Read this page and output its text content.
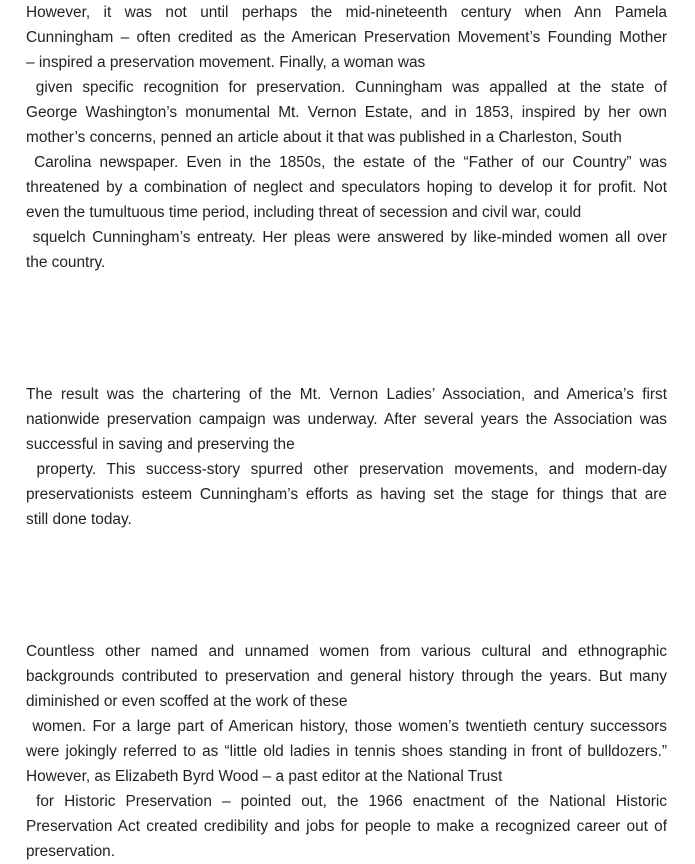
However, it was not until perhaps the mid-nineteenth century when Ann Pamela
Cunningham – often credited as the American Preservation Movement’s Founding Mother
– inspired a preservation movement. Finally, a woman was
given specific recognition for preservation. Cunningham was appalled at the state of
George Washington’s monumental Mt. Vernon Estate, and in 1853, inspired by her own
mother’s concerns, penned an article about it that was published in a Charleston, South
Carolina newspaper. Even in the 1850s, the estate of the “Father of our Country” was
threatened by a combination of neglect and speculators hoping to develop it for profit. Not
even the tumultuous time period, including threat of secession and civil war, could
squelch Cunningham’s entreaty. Her pleas were answered by like-minded women all over
the country.
The result was the chartering of the Mt. Vernon Ladies’ Association, and America’s first
nationwide preservation campaign was underway. After several years the Association was
successful in saving and preserving the
property. This success-story spurred other preservation movements, and modern-day
preservationists esteem Cunningham’s efforts as having set the stage for things that are
still done today.
Countless other named and unnamed women from various cultural and ethnographic
backgrounds contributed to preservation and general history through the years. But many
diminished or even scoffed at the work of these
women. For a large part of American history, those women’s twentieth century successors
were jokingly referred to as “little old ladies in tennis shoes standing in front of bulldozers.”
However, as Elizabeth Byrd Wood – a past editor at the National Trust
for Historic Preservation – pointed out, the 1966 enactment of the National Historic
Preservation Act created credibility and jobs for people to make a recognized career out of
preservation.
